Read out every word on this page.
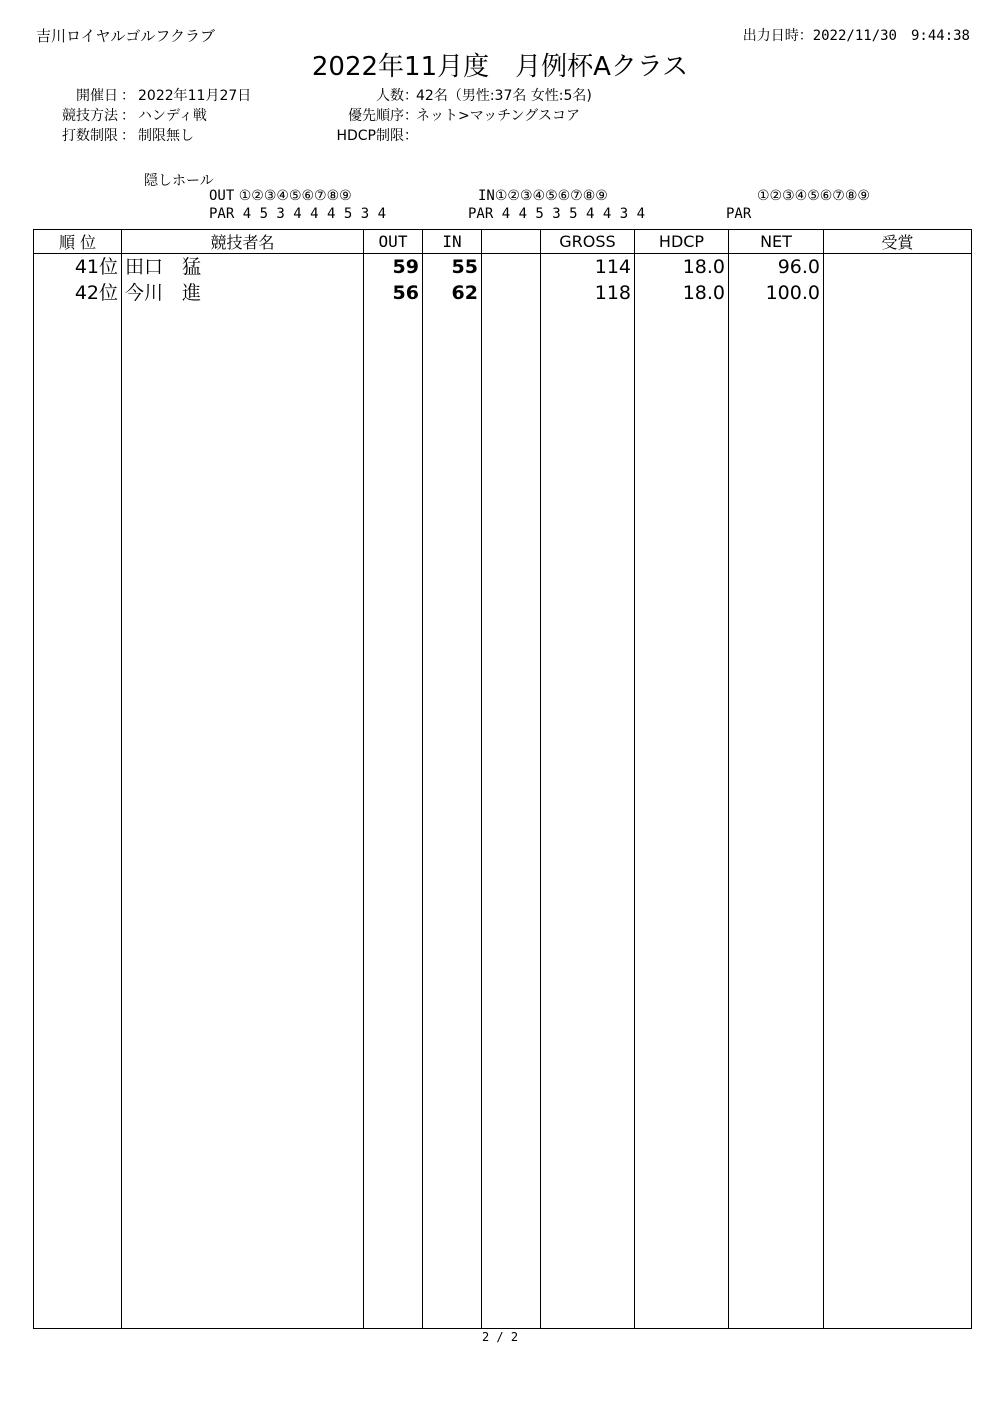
吉川ロイヤルゴルフクラブ	出力日時：2022/11/30　9:44:38
2022年11月度　月例杯Aクラス
開催日 ： 2022年11月27日
競技方法 ： ハンディ戦
打数制限 ： 制限無し
人数 ：
42名（男性:37名 女性:5名)
優先順序 ：
ネット>マッチングスコア
HDCP制限 ：
隠しホール
OUT ①②③④⑤⑥⑦⑧⑨
PAR 4 5 3 4 4 4 5 3 4
IN①②③④⑤⑥⑦⑧⑨
PAR 4 4 5 3 5 4 4 3 4
①②③④⑤⑥⑦⑧⑨
PAR
順 位	競技者名	OUT	IN		GROSS	HDCP	NET	受賞
41位	田口　猛	59	55		114	18.0	96.0	
42位	今川　進	56	62		118	18.0	100.0	

2 / 2
